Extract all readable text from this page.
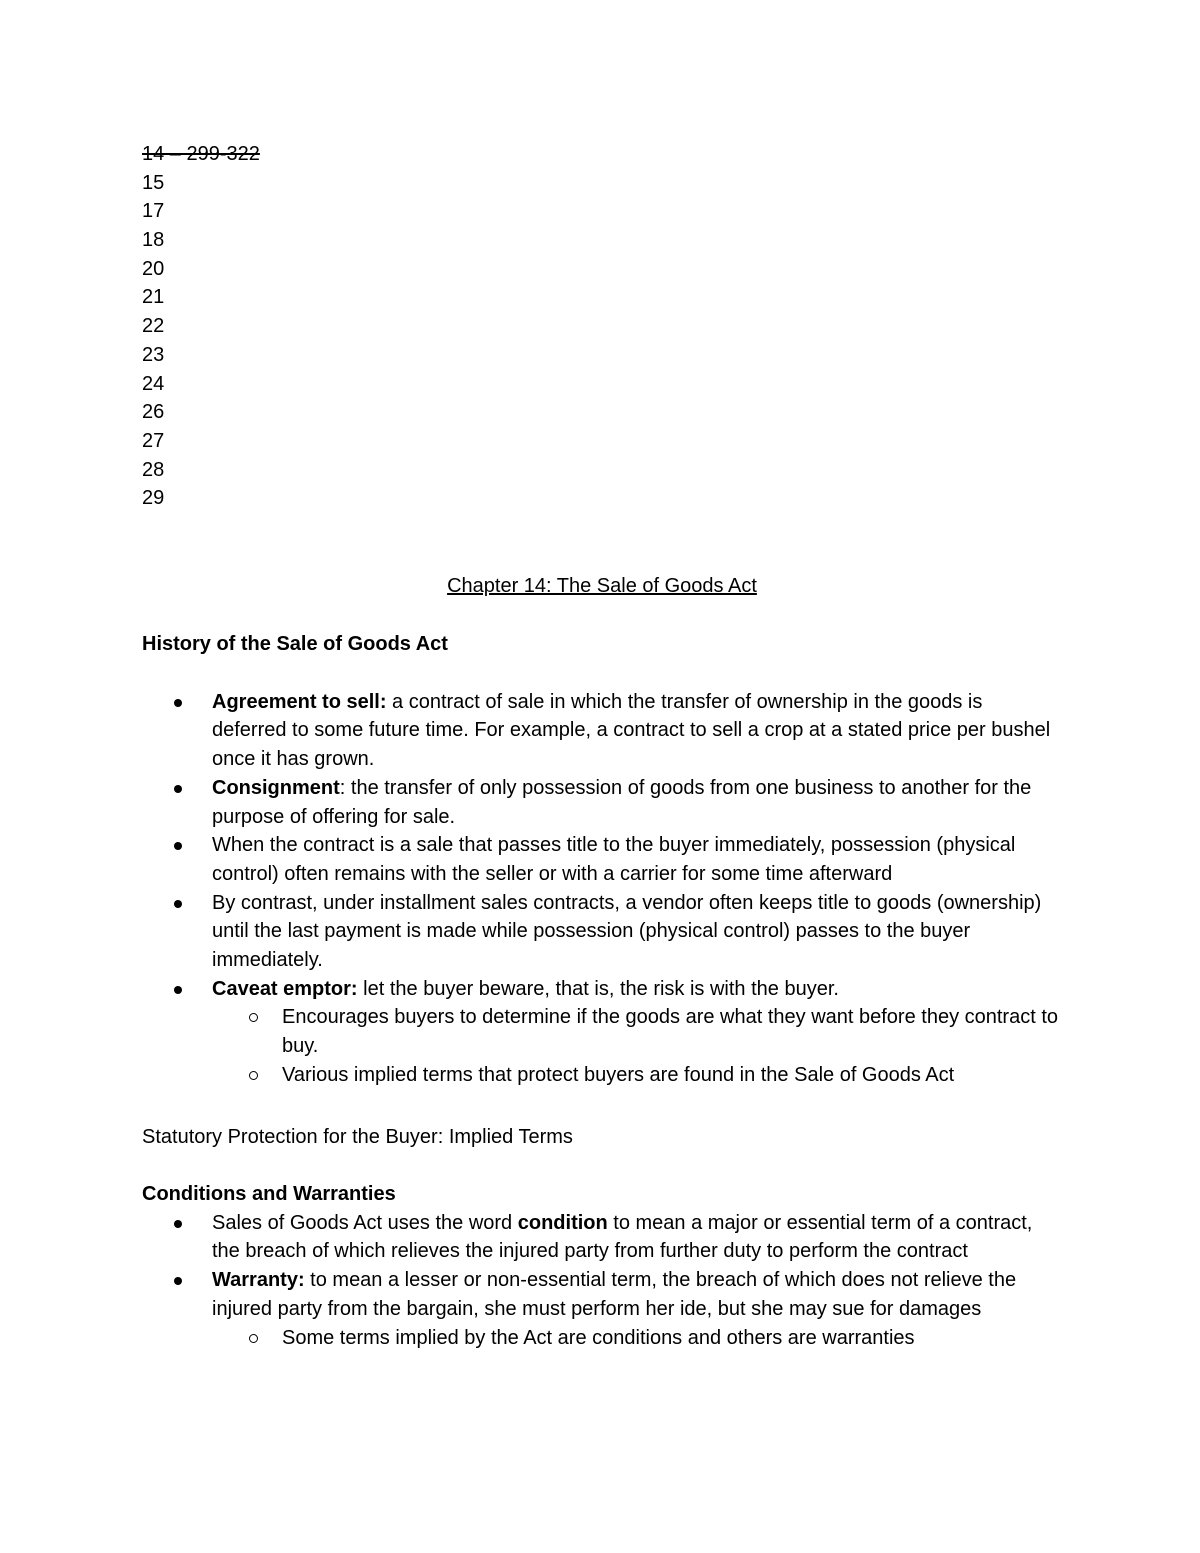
14 – 299-322
15
17
18
20
21
22
23
24
26
27
28
29
Chapter 14: The Sale of Goods Act
History of the Sale of Goods Act
Agreement to sell: a contract of sale in which the transfer of ownership in the goods is deferred to some future time. For example, a contract to sell a crop at a stated price per bushel once it has grown.
Consignment: the transfer of only possession of goods from one business to another for the purpose of offering for sale.
When the contract is a sale that passes title to the buyer immediately, possession (physical control) often remains with the seller or with a carrier for some time afterward
By contrast, under installment sales contracts, a vendor often keeps title to goods (ownership) until the last payment is made while possession (physical control) passes to the buyer immediately.
Caveat emptor: let the buyer beware, that is, the risk is with the buyer.
Encourages buyers to determine if the goods are what they want before they contract to buy.
Various implied terms that protect buyers are found in the Sale of Goods Act
Statutory Protection for the Buyer: Implied Terms
Conditions and Warranties
Sales of Goods Act uses the word condition to mean a major or essential term of a contract, the breach of which relieves the injured party from further duty to perform the contract
Warranty: to mean a lesser or non-essential term, the breach of which does not relieve the injured party from the bargain, she must perform her ide, but she may sue for damages
Some terms implied by the Act are conditions and others are warranties
